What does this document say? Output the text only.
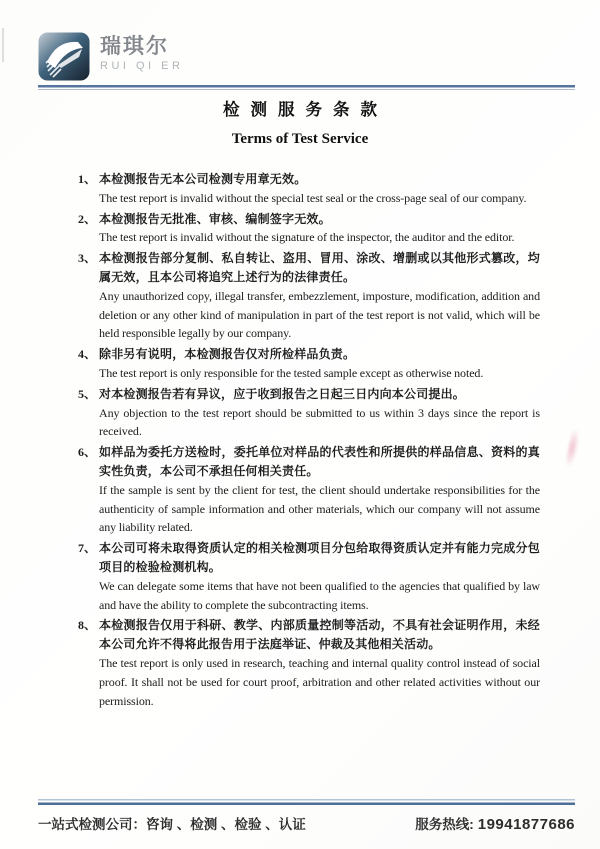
瑞琪尔
RUI QI ER
检测服务条款
Terms of Test Service
1、 本检测报告无本公司检测专用章无效。

The test report is invalid without the special test seal or the cross-page seal of our company.

2、 本检测报告无批准、审核、编制签字无效。

The test report is invalid without the signature of the inspector, the auditor and the editor.

3、 本检测报告部分复制、私自转让、盗用、冒用、涂改、增删或以其他形式篡改，均属无效，且本公司将追究上述行为的法律责任。

Any unauthorized copy, illegal transfer, embezzlement, imposture, modification, addition and deletion or any other kind of manipulation in part of the test report is not valid, which will be held responsible legally by our company.

4、 除非另有说明，本检测报告仅对所检样品负责。

The test report is only responsible for the tested sample except as otherwise noted.

5、 对本检测报告若有异议，应于收到报告之日起三日内向本公司提出。

Any objection to the test report should be submitted to us within 3 days since the report is received.

6、 如样品为委托方送检时，委托单位对样品的代表性和所提供的样品信息、资料的真实性负责，本公司不承担任何相关责任。

If the sample is sent by the client for test, the client should undertake responsibilities for the authenticity of sample information and other materials, which our company will not assume any liability related.

7、 本公司可将未取得资质认定的相关检测项目分包给取得资质认定并有能力完成分包项目的检验检测机构。

We can delegate some items that have not been qualified to the agencies that qualified by law and have the ability to complete the subcontracting items.

8、 本检测报告仅用于科研、教学、内部质量控制等活动，不具有社会证明作用，未经本公司允许不得将此报告用于法庭举证、仲裁及其他相关活动。

The test report is only used in research, teaching and internal quality control instead of social proof. It shall not be used for court proof, arbitration and other related activities without our permission.

一站式检测公司：咨询 、检测 、检验 、认证	服务热线: 19941877686
